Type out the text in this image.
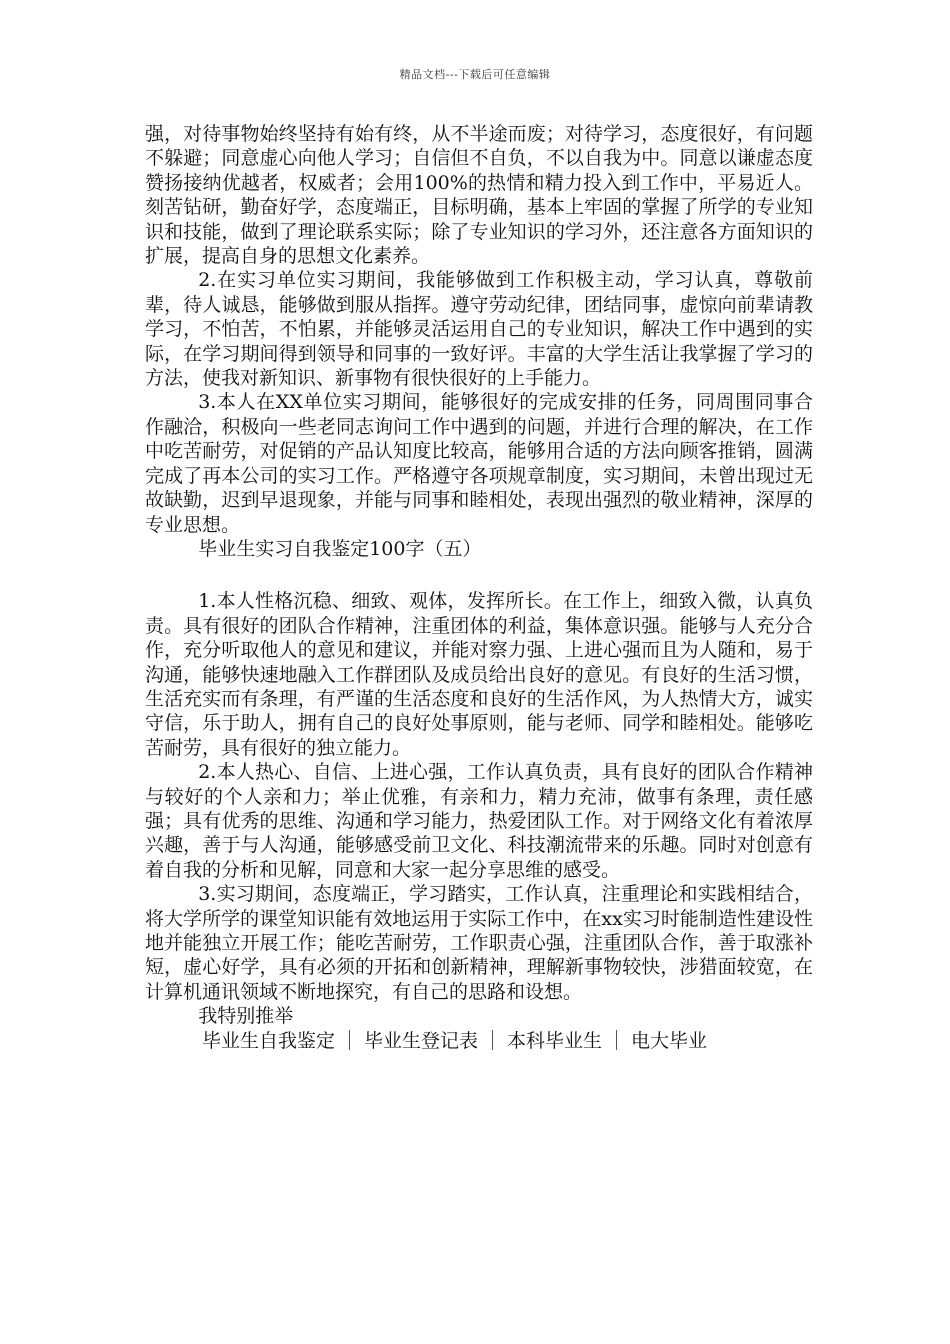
精品文档---下载后可任意编辑

强，对待事物始终坚持有始有终，从不半途而废；对待学习，态度很好，有问题不躲避；同意虚心向他人学习；自信但不自负，不以自我为中。同意以谦虚态度赞扬接纳优越者，权威者；会用100%的热情和精力投入到工作中，平易近人。刻苦钻研，勤奋好学，态度端正，目标明确，基本上牢固的掌握了所学的专业知识和技能，做到了理论联系实际；除了专业知识的学习外，还注意各方面知识的扩展，提高自身的思想文化素养。

2.在实习单位实习期间，我能够做到工作积极主动，学习认真，尊敬前辈，待人诚恳，能够做到服从指挥。遵守劳动纪律，团结同事，虚惊向前辈请教学习，不怕苦，不怕累，并能够灵活运用自己的专业知识，解决工作中遇到的实际，在学习期间得到领导和同事的一致好评。丰富的大学生活让我掌握了学习的方法，使我对新知识、新事物有很快很好的上手能力。

3.本人在XX单位实习期间，能够很好的完成安排的任务，同周围同事合作融洽，积极向一些老同志询问工作中遇到的问题，并进行合理的解决，在工作中吃苦耐劳，对促销的产品认知度比较高，能够用合适的方法向顾客推销，圆满完成了再本公司的实习工作。严格遵守各项规章制度，实习期间，未曾出现过无故缺勤，迟到早退现象，并能与同事和睦相处，表现出强烈的敬业精神，深厚的专业思想。

毕业生实习自我鉴定100字（五）

1.本人性格沉稳、细致、观体，发挥所长。在工作上，细致入微，认真负责。具有很好的团队合作精神，注重团体的利益，集体意识强。能够与人充分合作，充分听取他人的意见和建议，并能对察力强、上进心强而且为人随和，易于沟通，能够快速地融入工作群团队及成员给出良好的意见。有良好的生活习惯，生活充实而有条理，有严谨的生活态度和良好的生活作风，为人热情大方，诚实守信，乐于助人，拥有自己的良好处事原则，能与老师、同学和睦相处。能够吃苦耐劳，具有很好的独立能力。

2.本人热心、自信、上进心强，工作认真负责，具有良好的团队合作精神与较好的个人亲和力；举止优雅，有亲和力，精力充沛，做事有条理，责任感强；具有优秀的思维、沟通和学习能力，热爱团队工作。对于网络文化有着浓厚兴趣，善于与人沟通，能够感受前卫文化、科技潮流带来的乐趣。同时对创意有着自我的分析和见解，同意和大家一起分享思维的感受。

3.实习期间，态度端正，学习踏实，工作认真，注重理论和实践相结合，将大学所学的课堂知识能有效地运用于实际工作中，在xx实习时能制造性建设性地并能独立开展工作；能吃苦耐劳，工作职责心强，注重团队合作，善于取涨补短，虚心好学，具有必须的开拓和创新精神，理解新事物较快，涉猎面较宽，在计算机通讯领域不断地探究，有自己的思路和设想。

我特别推举

毕业生自我鉴定 毕业生登记表 本科毕业生 电大毕业
